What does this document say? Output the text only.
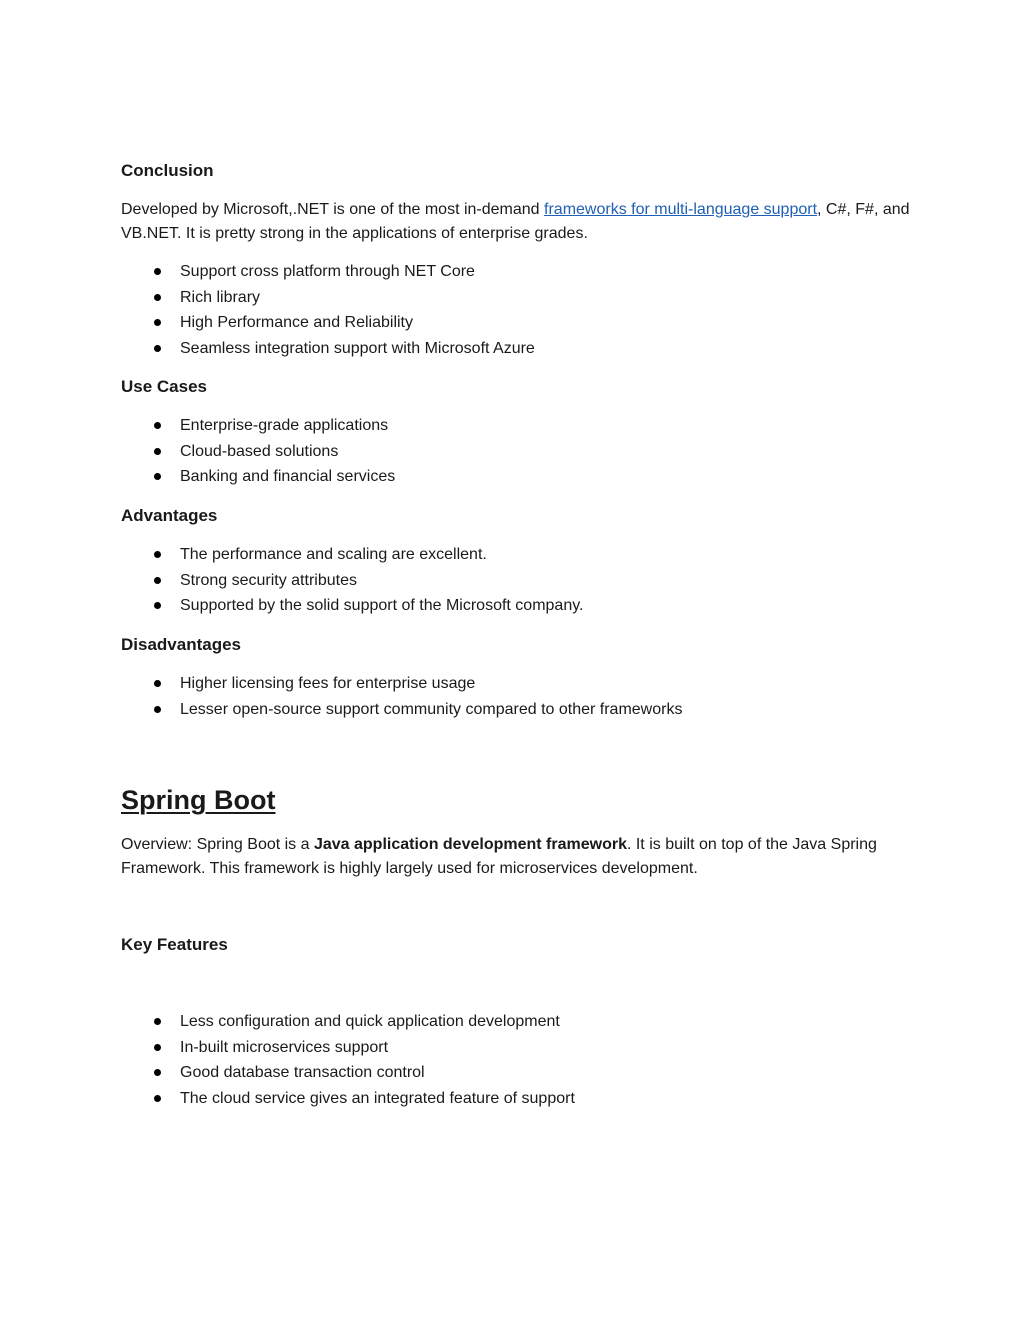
Conclusion

Developed by Microsoft,.NET is one of the most in-demand frameworks for multi-language support, C#, F#, and VB.NET. It is pretty strong in the applications of enterprise grades.

Support cross platform through NET Core
Rich library
High Performance and Reliability
Seamless integration support with Microsoft Azure
Use Cases
Enterprise-grade applications
Cloud-based solutions
Banking and financial services
Advantages
The performance and scaling are excellent.
Strong security attributes
Supported by the solid support of the Microsoft company.
Disadvantages
Higher licensing fees for enterprise usage
Lesser open-source support community compared to other frameworks
Spring Boot

Overview: Spring Boot is a Java application development framework. It is built on top of the Java Spring Framework. This framework is highly largely used for microservices development.

Key Features
Less configuration and quick application development
In-built microservices support
Good database transaction control
The cloud service gives an integrated feature of support
